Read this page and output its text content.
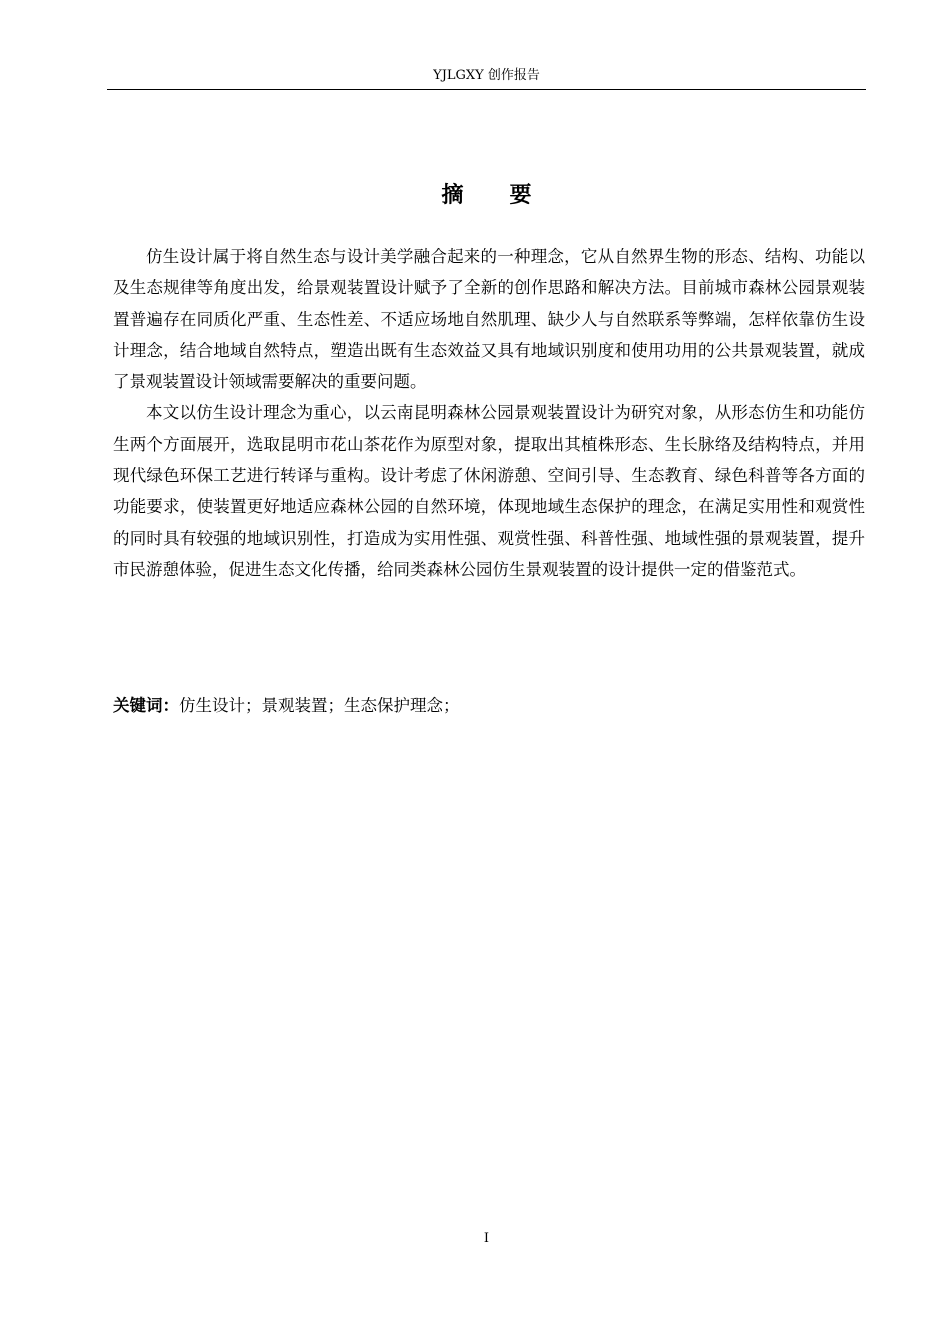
YJLGXY 创作报告
摘 要

仿生设计属于将自然生态与设计美学融合起来的一种理念，它从自然界生物的形态、结构、功能以及生态规律等角度出发，给景观装置设计赋予了全新的创作思路和解决方法。目前城市森林公园景观装置普遍存在同质化严重、生态性差、不适应场地自然肌理、缺少人与自然联系等弊端，怎样依靠仿生设计理念，结合地域自然特点，塑造出既有生态效益又具有地域识别度和使用功用的公共景观装置，就成了景观装置设计领域需要解决的重要问题。

本文以仿生设计理念为重心，以云南昆明森林公园景观装置设计为研究对象，从形态仿生和功能仿生两个方面展开，选取昆明市花山茶花作为原型对象，提取出其植株形态、生长脉络及结构特点，并用现代绿色环保工艺进行转译与重构。设计考虑了休闲游憩、空间引导、生态教育、绿色科普等各方面的功能要求，使装置更好地适应森林公园的自然环境，体现地域生态保护的理念，在满足实用性和观赏性的同时具有较强的地域识别性，打造成为实用性强、观赏性强、科普性强、地域性强的景观装置，提升市民游憩体验，促进生态文化传播，给同类森林公园仿生景观装置的设计提供一定的借鉴范式。

关键词：仿生设计；景观装置；生态保护理念；
I
